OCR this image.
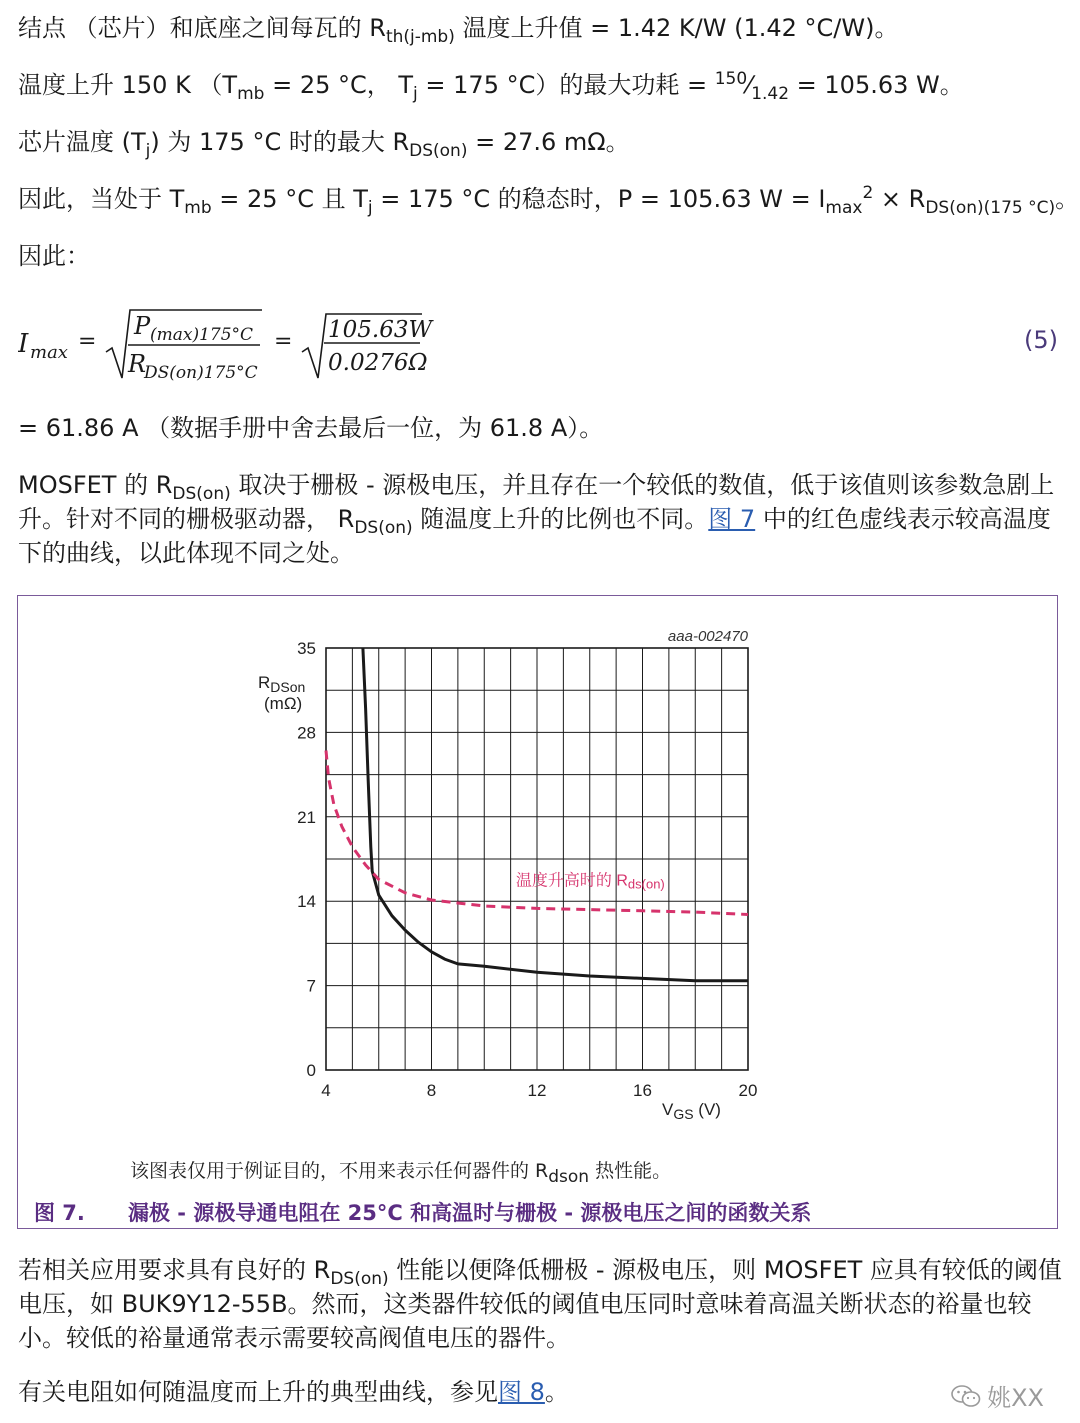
结点 （芯片）和底座之间每瓦的 $R_{th(j-mb)}$ 温度上升值 = 1.42 K/W (1.42 °C/W)。
温度上升 150 K （$T_{mb} = 25$ °C， $T_j = 175$ °C）的最大功耗 = $^{150}⁄_{1.42} = 105.63$ W。
芯片温度 $(T_j)$ 为 175 °C 时的最大 $R_{DS(on)} = 27.6$ mΩ。
因此，当处于 $T_{mb} = 25$ °C 且 $T_j = 175$ °C 的稳态时，P = 105.63 $W = I_{max}^2 \times R_{DS(on)(175 ^\circ C)}$。
因此：
I max =
P (max)175°C
R
DS(on)175°C
= 105.63W
0.0276Ω
(5)
= 61.86 A （数据手册中舍去最后一位，为 61.8 A）。
MOSFET 的 $R_{DS(on)}$ 取决于栅极 - 源极电压，并且存在一个较低的数值，低于该值则该参数急剧上升。针对不同的栅极驱动器， $R_{DS(on)}$ 随温度上升的比例也不同。图 7 中的红色虚线表示较高温度下的曲线，以此体现不同之处。
4	8	12	16	20
0
7
14
21
28
35
aaa-002470
$R_{DSon}$
(mΩ)
$V_{GS}$ (V)
温度升高时的 Rds(on)
该图表仅用于例证目的，不用来表示任何器件的 $R_{dson}$ 热性能。
图 7. 漏极 - 源极导通电阻在 25°C 和高温时与栅极 - 源极电压之间的函数关系
若相关应用要求具有良好的 $R_{DS(on)}$ 性能以便降低栅极 - 源极电压，则 MOSFET 应具有较低的阈值电压，如 BUK9Y12-55B。然而，这类器件较低的阈值电压同时意味着高温关断状态的裕量也较小。较低的裕量通常表示需要较高阀值电压的器件。
有关电阻如何随温度而上升的典型曲线，参见图 8。	姚XX
